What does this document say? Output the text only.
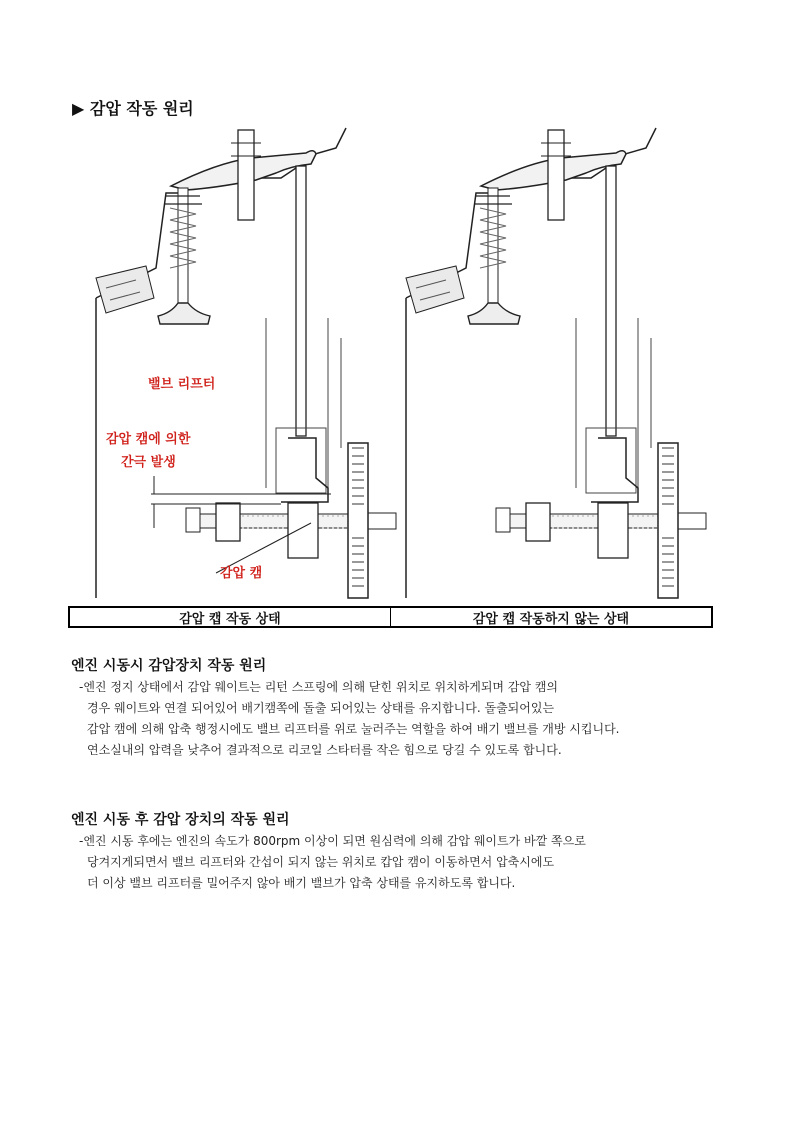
▶ 감압 작동 원리
밸브 리프터
감압 캠에 의한
간극 발생
감압 캠
감압 캡 작동 상태	감압 캡 작동하지 않는 상태
엔진 시동시 감압장치 작동 원리
-엔진 정지 상태에서 감압 웨이트는 리턴 스프링에 의해 닫힌 위치로 위치하게되며 감압 캠의
경우 웨이트와 연결 되어있어 배기캠쪽에 돌출 되어있는 상태를 유지합니다. 돌출되어있는
감압 캠에 의해 압축 행정시에도 밸브 리프터를 위로 눌러주는 역할을 하여 배기 밸브를 개방 시킵니다.
연소실내의 압력을 낮추어 결과적으로 리코일 스타터를 작은 힘으로 당길 수 있도록 합니다.
엔진 시동 후 감압 장치의 작동 원리
-엔진 시동 후에는 엔진의 속도가 800rpm 이상이 되면 원심력에 의해 감압 웨이트가 바깥 쪽으로
당겨지게되면서 밸브 리프터와 간섭이 되지 않는 위치로 캅압 캠이 이동하면서 압축시에도
더 이상 밸브 리프터를 밀어주지 않아 배기 밸브가 압축 상태를 유지하도록 합니다.
